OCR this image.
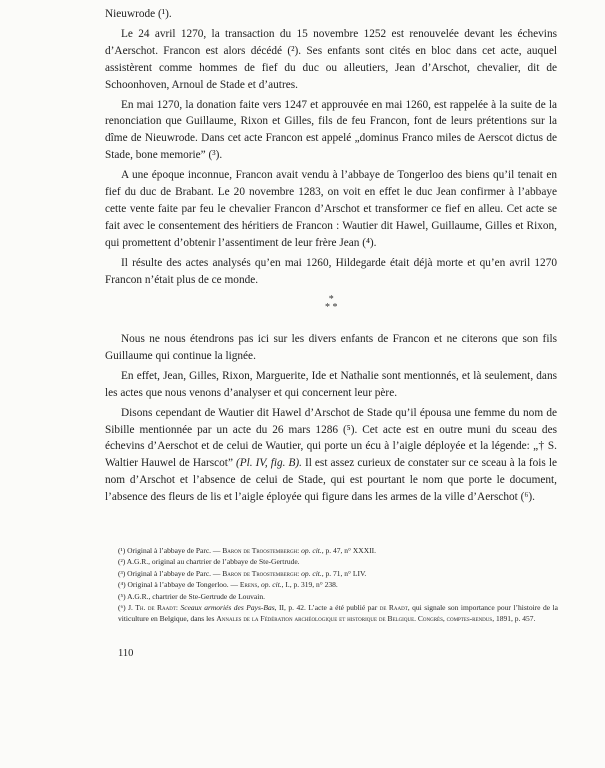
Nieuwrode (¹).

Le 24 avril 1270, la transaction du 15 novembre 1252 est renouvelée devant les échevins d’Aerschot. Francon est alors décédé (²). Ses enfants sont cités en bloc dans cet acte, auquel assistèrent comme hommes de fief du duc ou alleutiers, Jean d’Arschot, chevalier, dit de Schoonhoven, Arnoul de Stade et d’autres.

En mai 1270, la donation faite vers 1247 et approuvée en mai 1260, est rappelée à la suite de la renonciation que Guillaume, Rixon et Gilles, fils de feu Francon, font de leurs prétentions sur la dîme de Nieuwrode. Dans cet acte Francon est appelé „dominus Franco miles de Aerscot dictus de Stade, bone memorie” (³).

A une époque inconnue, Francon avait vendu à l’abbaye de Tongerloo des biens qu’il tenait en fief du duc de Brabant. Le 20 novembre 1283, on voit en effet le duc Jean confirmer à l’abbaye cette vente faite par feu le chevalier Francon d’Arschot et transformer ce fief en alleu. Cet acte se fait avec le consentement des héritiers de Francon : Wautier dit Hawel, Guillaume, Gilles et Rixon, qui promettent d’obtenir l’assentiment de leur frère Jean (⁴).

Il résulte des actes analysés qu’en mai 1260, Hildegarde était déjà morte et qu’en avril 1270 Francon n’était plus de ce monde.

*
* *

Nous ne nous étendrons pas ici sur les divers enfants de Francon et ne citerons que son fils Guillaume qui continue la lignée.

En effet, Jean, Gilles, Rixon, Marguerite, Ide et Nathalie sont mentionnés, et là seulement, dans les actes que nous venons d’analyser et qui concernent leur père.

Disons cependant de Wautier dit Hawel d’Arschot de Stade qu’il épousa une femme du nom de Sibille mentionnée par un acte du 26 mars 1286 (⁵). Cet acte est en outre muni du sceau des échevins d’Aerschot et de celui de Wautier, qui porte un écu à l’aigle déployée et la légende: „† S. Waltier Hauwel de Harscot” (Pl. IV, fig. B). Il est assez curieux de constater sur ce sceau à la fois le nom d’Arschot et l’absence de celui de Stade, qui est pourtant le nom que porte le document, l’absence des fleurs de lis et l’aigle éployée qui figure dans les armes de la ville d’Aerschot (⁶).

(¹) Original à l’abbaye de Parc. — Baron de Troostembergh: op. cit., p. 47, n° XXXII.
(²) A.G.R., original au chartrier de l’abbaye de Ste-Gertrude.
(³) Original à l’abbaye de Parc. — Baron de Troostembergh: op. cit., p. 71, n° LIV.
(⁴) Original à l’abbaye de Tongerloo. — Erens, op. cit., I., p. 319, n° 238.
(⁵) A.G.R., chartrier de Ste-Gertrude de Louvain.
(⁶) J. Th. de Raadt: Sceaux armoriés des Pays-Bas, II, p. 42. L’acte a été publié par de Raadt, qui signale son importance pour l’histoire de la viticulture en Belgique, dans les Annales de la Fédération archéologique et historique de Belgique. Congrès, comptes-rendus, 1891, p. 457.
110
